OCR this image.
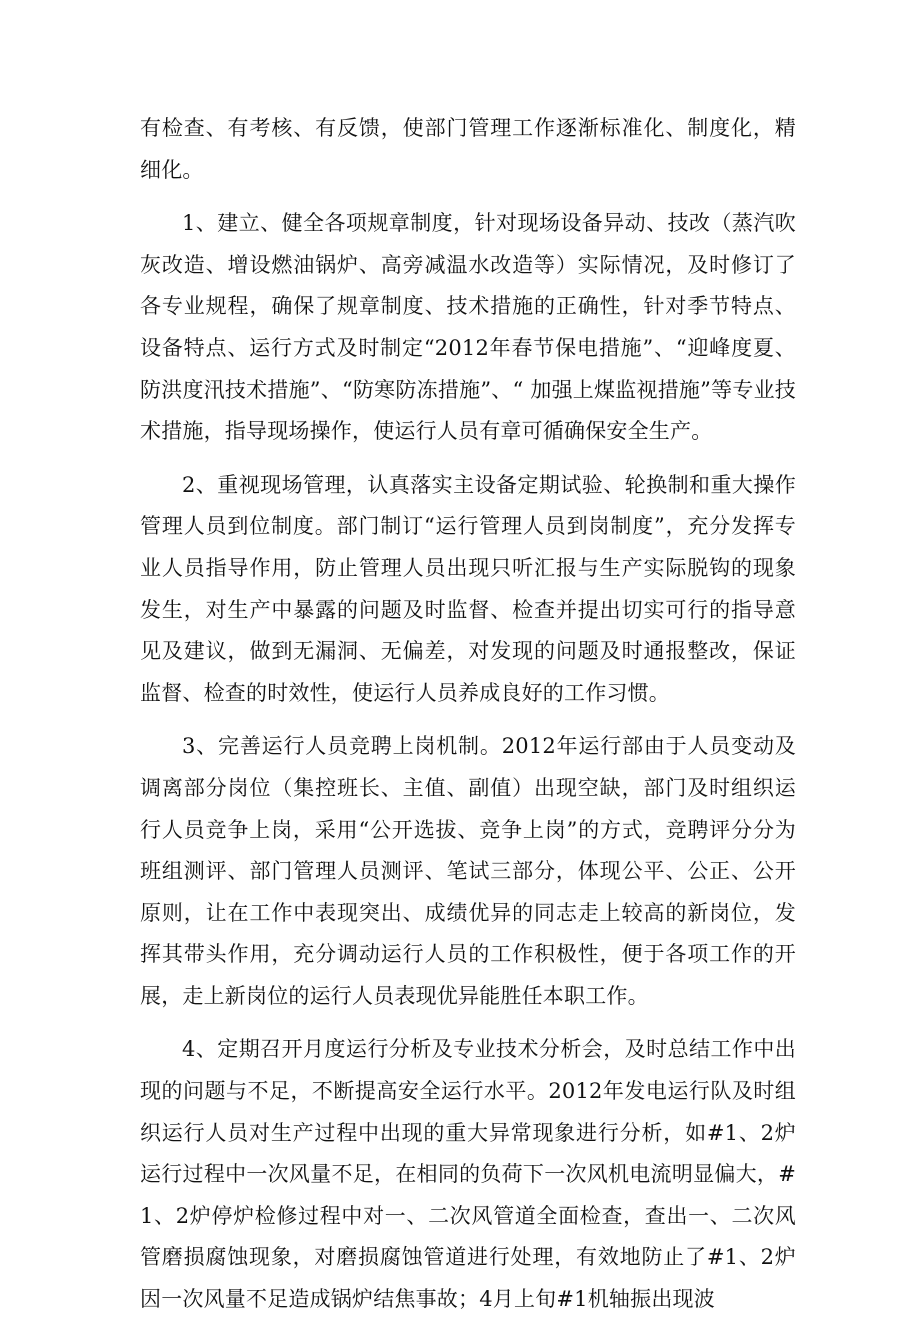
有检查、有考核、有反馈，使部门管理工作逐渐标准化、制度化，精细化。

1、建立、健全各项规章制度，针对现场设备异动、技改（蒸汽吹灰改造、增设燃油锅炉、高旁减温水改造等）实际情况，及时修订了各专业规程，确保了规章制度、技术措施的正确性，针对季节特点、设备特点、运行方式及时制定“2012年春节保电措施”、“迎峰度夏、防洪度汛技术措施”、“防寒防冻措施”、“ 加强上煤监视措施”等专业技术措施，指导现场操作，使运行人员有章可循确保安全生产。

2、重视现场管理，认真落实主设备定期试验、轮换制和重大操作管理人员到位制度。部门制订“运行管理人员到岗制度”，充分发挥专业人员指导作用，防止管理人员出现只听汇报与生产实际脱钩的现象发生，对生产中暴露的问题及时监督、检查并提出切实可行的指导意见及建议，做到无漏洞、无偏差，对发现的问题及时通报整改，保证监督、检查的时效性，使运行人员养成良好的工作习惯。

3、完善运行人员竞聘上岗机制。2012年运行部由于人员变动及调离部分岗位（集控班长、主值、副值）出现空缺，部门及时组织运行人员竞争上岗，采用“公开选拔、竞争上岗”的方式，竞聘评分分为班组测评、部门管理人员测评、笔试三部分，体现公平、公正、公开原则，让在工作中表现突出、成绩优异的同志走上较高的新岗位，发挥其带头作用，充分调动运行人员的工作积极性，便于各项工作的开展，走上新岗位的运行人员表现优异能胜任本职工作。

4、定期召开月度运行分析及专业技术分析会，及时总结工作中出现的问题与不足，不断提高安全运行水平。2012年发电运行队及时组织运行人员对生产过程中出现的重大异常现象进行分析，如#1、2炉运行过程中一次风量不足，在相同的负荷下一次风机电流明显偏大，#1、2炉停炉检修过程中对一、二次风管道全面检查，查出一、二次风管磨损腐蚀现象，对磨损腐蚀管道进行处理，有效地防止了#1、2炉因一次风量不足造成锅炉结焦事故；4月上旬#1机轴振出现波
